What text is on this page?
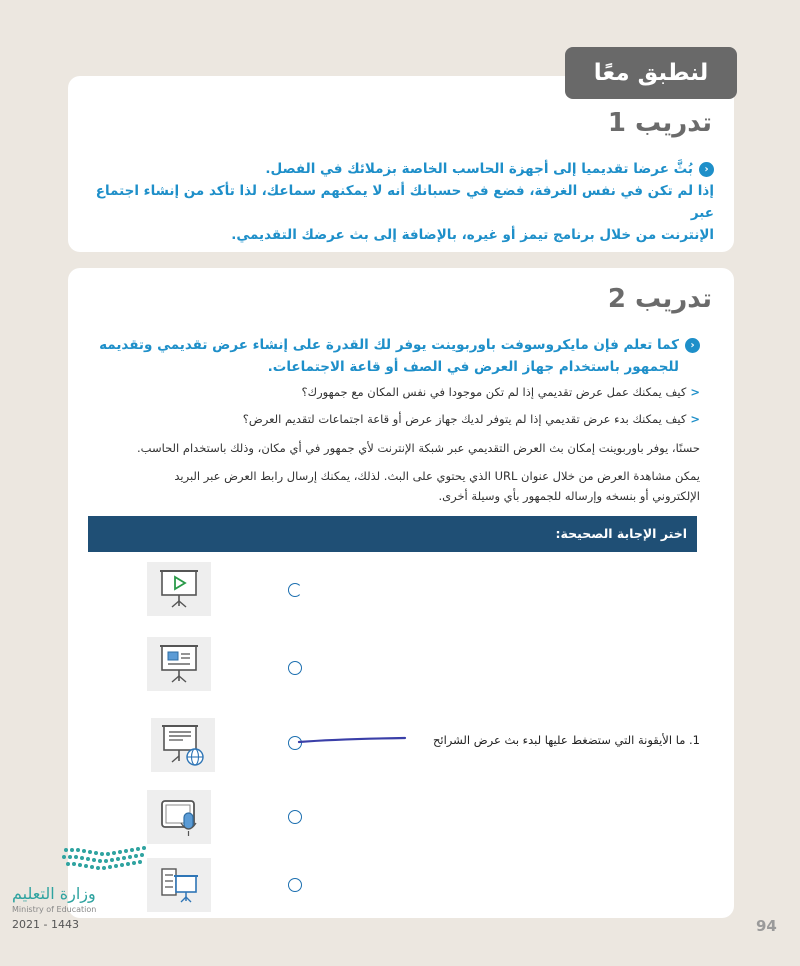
لنطبق معًا
تدريب 1
‹بُثَّ عرضا تقديميا إلى أجهزة الحاسب الخاصة بزملائك في الفصل.
إذا لم تكن في نفس الغرفة، فضع في حسبانك أنه لا يمكنهم سماعك، لذا تأكد من إنشاء اجتماع عبر
الإنترنت من خلال برنامج تيمز أو غيره، بالإضافة إلى بث عرضك التقديمي.
تدريب 2
‹كما تعلم فإن مايكروسوفت باوربوينت يوفر لك القدرة على إنشاء عرض تقديمي وتقديمه
للجمهور باستخدام جهاز العرض في الصف أو قاعة الاجتماعات.
<كيف يمكنك عمل عرض تقديمي إذا لم تكن موجودا في نفس المكان مع جمهورك؟
<كيف يمكنك بدء عرض تقديمي إذا لم يتوفر لديك جهاز عرض أو قاعة اجتماعات لتقديم العرض؟
حسنًا، يوفر باوربوينت إمكان بث العرض التقديمي عبر شبكة الإنترنت لأي جمهور في أي مكان، وذلك باستخدام الحاسب.
يمكن مشاهدة العرض من خلال عنوان URL الذي يحتوي على البث. لذلك، يمكنك إرسال رابط العرض عبر البريد
الإلكتروني أو بنسخه وإرساله للجمهور بأي وسيلة أخرى.
اختر الإجابة الصحيحة:
1. ما الأيقونة التي ستضغط عليها لبدء بث عرض الشرائح
وزارة التعليم
Ministry of Education
2021 - 1443	94
